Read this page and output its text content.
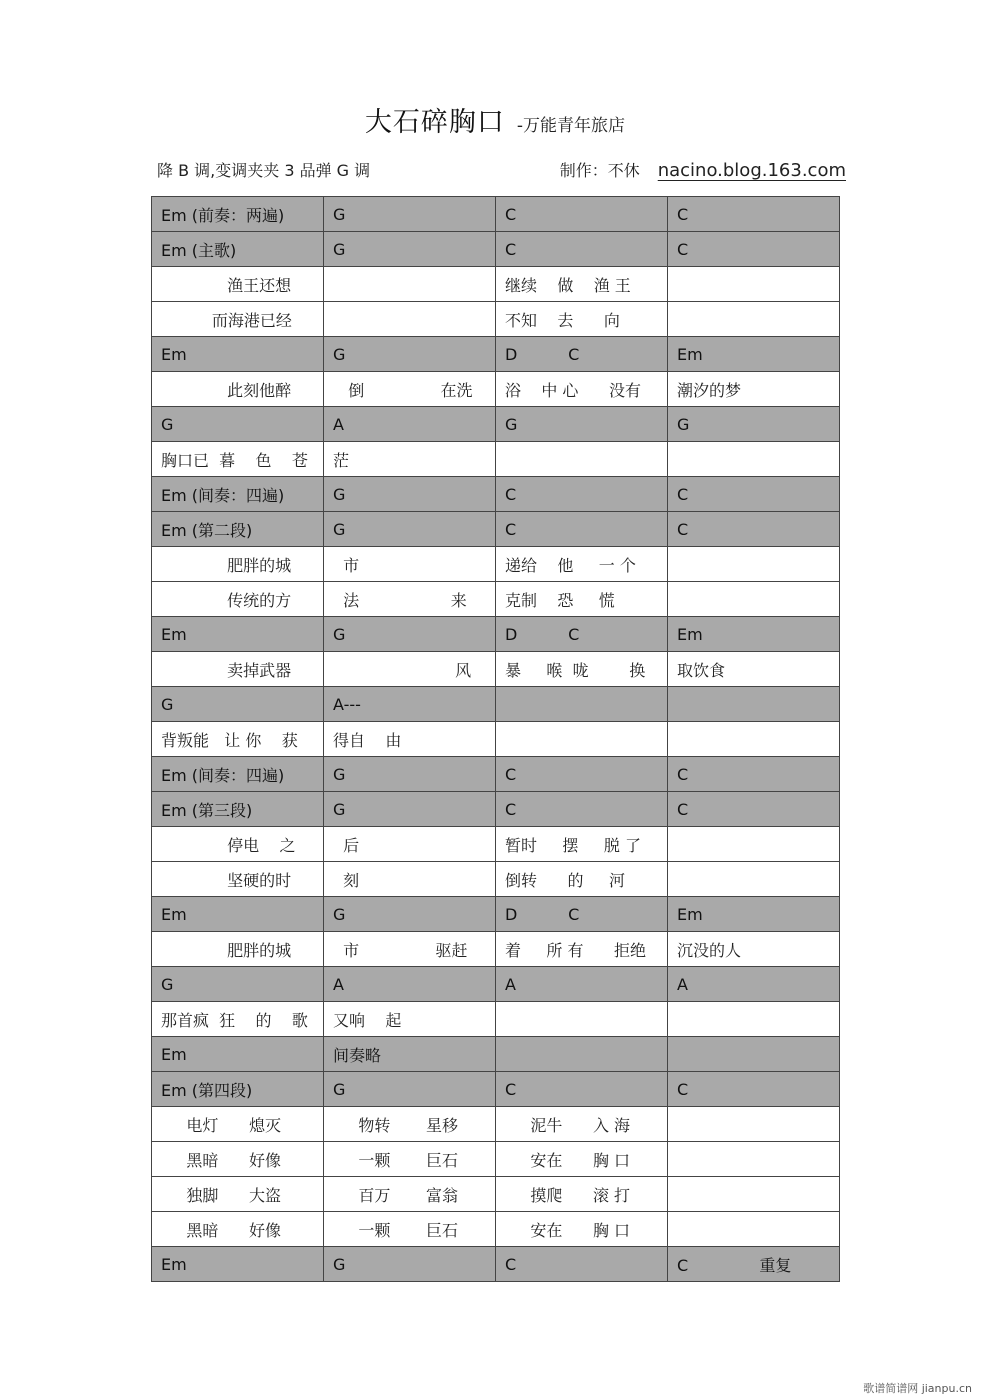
大石碎胸口 -万能青年旅店
降 B 调,变调夹夹 3 品弹 G 调	制作：不休 nacino.blog.163.com
Em (前奏：两遍)	G	C	C

Em (主歌)	G	C	C

渔王还想		继续    做    渔 王	

而海港已经		不知    去      向	

Em	G	D          C	Em

此刻他醉	倒               在洗	浴    中 心      没有	潮汐的梦

G	A	G	G

胸口已  暮    色    苍	茫		

Em (间奏：四遍)	G	C	C

Em (第二段)	G	C	C

肥胖的城	市	递给    他     一 个	

传统的方	法                  来	克制    恐     慌	

Em	G	D          C	Em

卖掉武器	风	暴     喉  咙        换	取饮食

G	A---		

背叛能   让 你    获	得自    由		

Em (间奏：四遍)	G	C	C

Em (第三段)	G	C	C

停电    之	后	暂时     摆     脱 了	

坚硬的时	刻	倒转      的     河	

Em	G	D          C	Em

肥胖的城	市               驱赶	着     所 有      拒绝	沉没的人

G	A	A	A

那首疯  狂    的    歌	又响    起		

Em	间奏略		

Em (第四段)	G	C	C

电灯      熄灭	物转       星移	泥牛      入 海	

黑暗      好像	一颗       巨石	安在      胸 口	

独脚      大盗	百万       富翁	摸爬      滚 打	

黑暗      好像	一颗       巨石	安在      胸 口	

Em	G	C	C              重复
歌谱简谱网 jianpu.cn
